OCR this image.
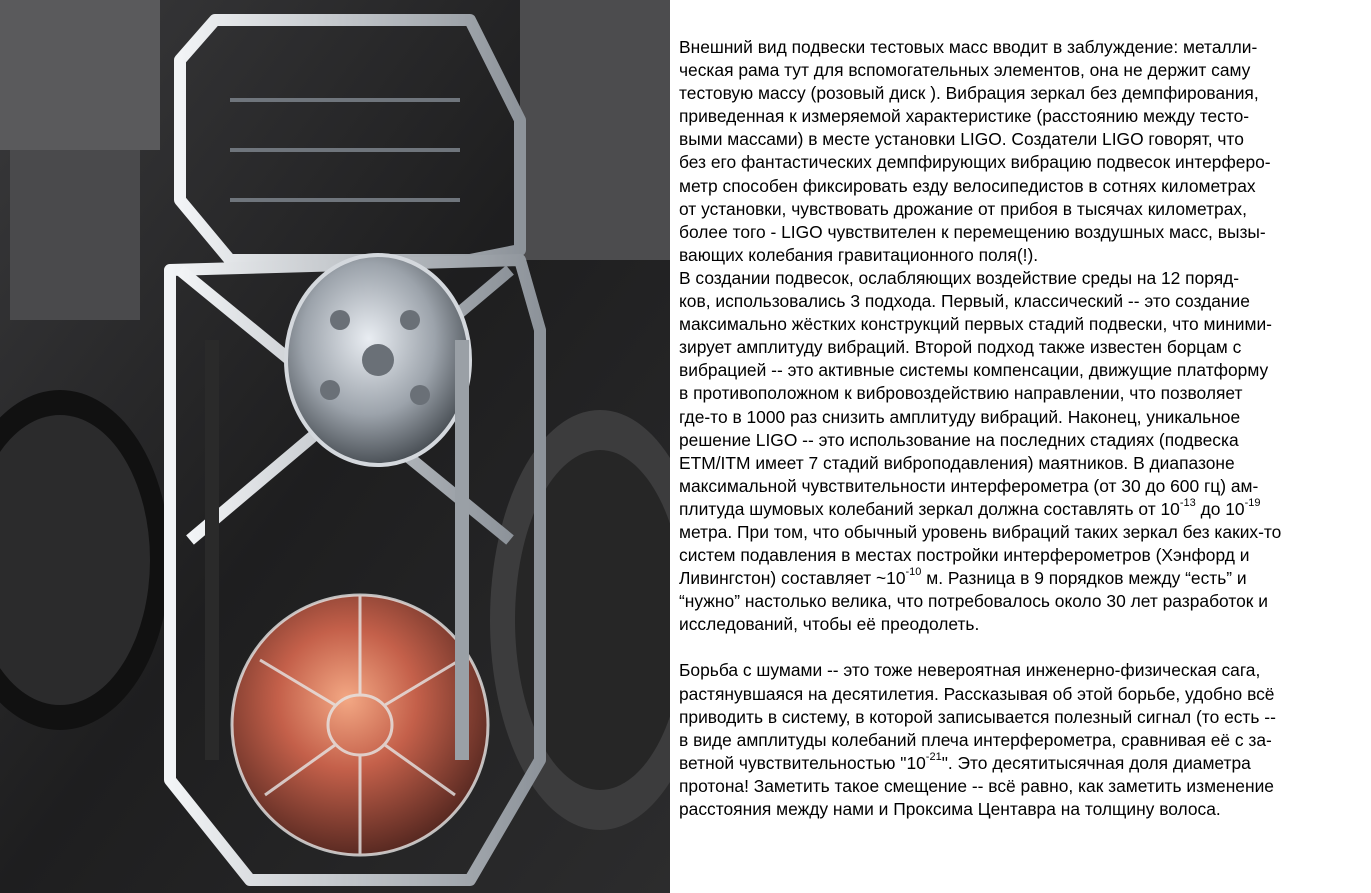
Внешний вид подвески тестовых масс вводит в заблуждение: металли-
ческая рама тут для вспомогательных элементов, она не держит саму
тестовую массу (розовый диск ). Вибрация зеркал без демпфирования,
приведенная к измеряемой характеристике (расстоянию между тесто-
выми массами) в месте установки LIGO. Создатели LIGO говорят, что
без его фантастических демпфирующих вибрацию подвесок интерферо-
метр способен фиксировать езду велосипедистов в сотнях километрах
от установки, чувствовать дрожание от прибоя в тысячах километрах,
более того - LIGO чувствителен к перемещению воздушных масс, вызы-
вающих колебания гравитационного поля(!).

В создании подвесок, ослабляющих воздействие среды на 12 поряд-
ков, использовались 3 подхода. Первый, классический -- это создание
максимально жёстких конструкций первых стадий подвески, что миними-
зирует амплитуду вибраций. Второй подход также известен борцам с
вибрацией -- это активные системы компенсации, движущие платформу
в противоположном к вибровоздействию направлении, что позволяет
где-то в 1000 раз снизить амплитуду вибраций. Наконец, уникальное
решение LIGO -- это использование на последних стадиях (подвеска
ETM/ITM имеет 7 стадий виброподавления) маятников. В диапазоне
максимальной чувствительности интерферометра (от 30 до 600 гц) ам-
плитуда шумовых колебаний зеркал должна составлять от $10^{-13}$ до $10^{-19}$
метра. При том, что обычный уровень вибраций таких зеркал без каких-то
систем подавления в местах постройки интерферометров (Хэнфорд и
Ливингстон) составляет $\sim 10^{-10}$ м. Разница в 9 порядков между “есть” и
“нужно” настолько велика, что потребовалось около 30 лет разработок и
исследований, чтобы её преодолеть.

Борьба с шумами -- это тоже невероятная инженерно-физическая сага,
растянувшаяся на десятилетия. Рассказывая об этой борьбе, удобно всё
приводить в систему, в которой записывается полезный сигнал (то есть --
в виде амплитуды колебаний плеча интерферометра, сравнивая её с за-
ветной чувствительностью "$10^{-21}$". Это десятитысячная доля диаметра
протона! Заметить такое смещение -- всё равно, как заметить изменение
расстояния между нами и Проксима Центавра на толщину волоса.
